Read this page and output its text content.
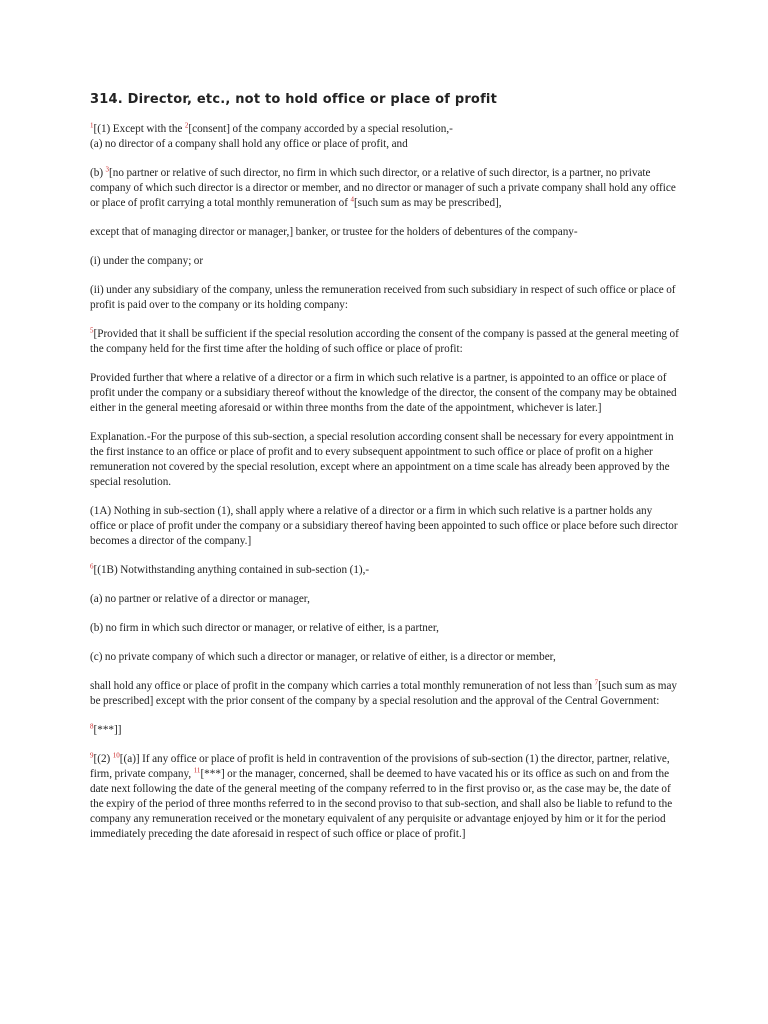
314. Director, etc., not to hold office or place of profit

$^1$[(1) Except with the $^2$[consent] of the company accorded by a special resolution,-
(a) no director of a company shall hold any office or place of profit, and

(b) $^3$[no partner or relative of such director, no firm in which such director, or a relative of such director, is a partner, no private company of which such director is a director or member, and no director or manager of such a private company shall hold any office or place of profit carrying a total monthly remuneration of $^4$[such sum as may be prescribed],

except that of managing director or manager,] banker, or trustee for the holders of debentures of the company-

(i) under the company; or

(ii) under any subsidiary of the company, unless the remuneration received from such subsidiary in respect of such office or place of profit is paid over to the company or its holding company:

$^5$[Provided that it shall be sufficient if the special resolution according the consent of the company is passed at the general meeting of the company held for the first time after the holding of such office or place of profit:

Provided further that where a relative of a director or a firm in which such relative is a partner, is appointed to an office or place of profit under the company or a subsidiary thereof without the knowledge of the director, the consent of the company may be obtained either in the general meeting aforesaid or within three months from the date of the appointment, whichever is later.]

Explanation.-For the purpose of this sub-section, a special resolution according consent shall be necessary for every appointment in the first instance to an office or place of profit and to every subsequent appointment to such office or place of profit on a higher remuneration not covered by the special resolution, except where an appointment on a time scale has already been approved by the special resolution.

(1A) Nothing in sub-section (1), shall apply where a relative of a director or a firm in which such relative is a partner holds any office or place of profit under the company or a subsidiary thereof having been appointed to such office or place before such director becomes a director of the company.]

$^6$[(1B) Notwithstanding anything contained in sub-section (1),-

(a) no partner or relative of a director or manager,

(b) no firm in which such director or manager, or relative of either, is a partner,

(c) no private company of which such a director or manager, or relative of either, is a director or member,

shall hold any office or place of profit in the company which carries a total monthly remuneration of not less than $^7$[such sum as may be prescribed] except with the prior consent of the company by a special resolution and the approval of the Central Government:

$^8$[***]]

$^9$[(2) $^{10}$[(a)] If any office or place of profit is held in contravention of the provisions of sub-section (1) the director, partner, relative, firm, private company, $^{11}$[***] or the manager, concerned, shall be deemed to have vacated his or its office as such on and from the date next following the date of the general meeting of the company referred to in the first proviso or, as the case may be, the date of the expiry of the period of three months referred to in the second proviso to that sub-section, and shall also be liable to refund to the company any remuneration received or the monetary equivalent of any perquisite or advantage enjoyed by him or it for the period immediately preceding the date aforesaid in respect of such office or place of profit.]
